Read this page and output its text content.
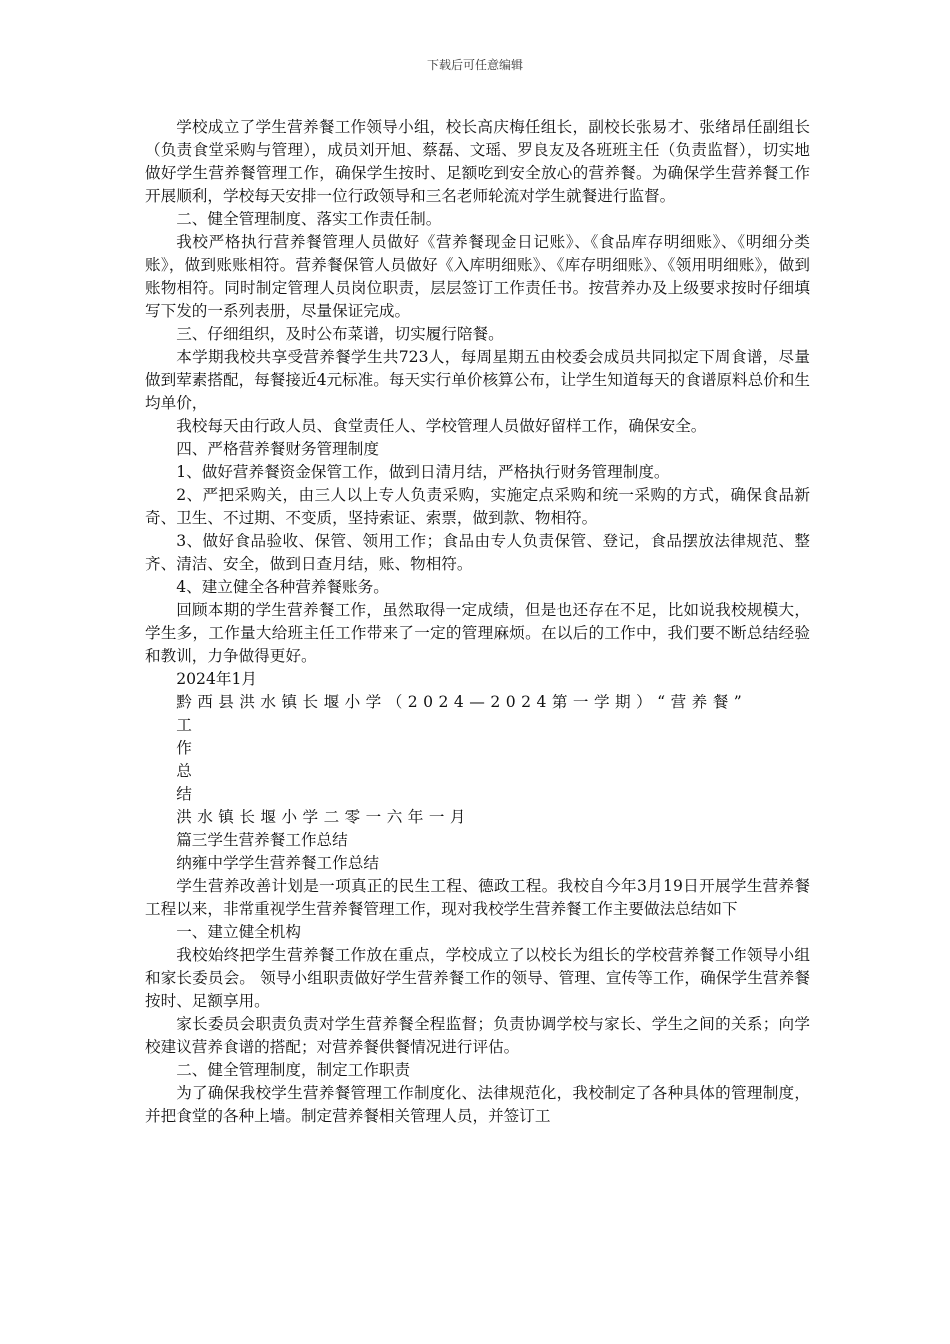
下载后可任意编辑

学校成立了学生营养餐工作领导小组，校长高庆梅任组长，副校长张易才、张绪昂任副组长（负责食堂采购与管理），成员刘开旭、蔡磊、文瑶、罗良友及各班班主任（负责监督），切实地做好学生营养餐管理工作，确保学生按时、足额吃到安全放心的营养餐。为确保学生营养餐工作开展顺利，学校每天安排一位行政领导和三名老师轮流对学生就餐进行监督。

二、健全管理制度、落实工作责任制。

我校严格执行营养餐管理人员做好《营养餐现金日记账》、《食品库存明细账》、《明细分类账》，做到账账相符。营养餐保管人员做好《入库明细账》、《库存明细账》、《领用明细账》，做到账物相符。同时制定管理人员岗位职责，层层签订工作责任书。按营养办及上级要求按时仔细填写下发的一系列表册，尽量保证完成。

三、仔细组织，及时公布菜谱，切实履行陪餐。

本学期我校共享受营养餐学生共723人，每周星期五由校委会成员共同拟定下周食谱，尽量做到荤素搭配，每餐接近4元标准。每天实行单价核算公布，让学生知道每天的食谱原料总价和生均单价，

我校每天由行政人员、食堂责任人、学校管理人员做好留样工作，确保安全。

四、严格营养餐财务管理制度

1、做好营养餐资金保管工作，做到日清月结，严格执行财务管理制度。

2、严把采购关，由三人以上专人负责采购，实施定点采购和统一采购的方式，确保食品新奇、卫生、不过期、不变质，坚持索证、索票，做到款、物相符。

3、做好食品验收、保管、领用工作；食品由专人负责保管、登记，食品摆放法律规范、整齐、清洁、安全，做到日查月结，账、物相符。

4、建立健全各种营养餐账务。

回顾本期的学生营养餐工作，虽然取得一定成绩，但是也还存在不足，比如说我校规模大，学生多，工作量大给班主任工作带来了一定的管理麻烦。在以后的工作中，我们要不断总结经验和教训，力争做得更好。

2024年1月

黔西县洪水镇长堰小学（2024—2024第一学期）“营养餐”

工

作

总

结

洪水镇长堰小学二零一六年一月

篇三学生营养餐工作总结

纳雍中学学生营养餐工作总结

学生营养改善计划是一项真正的民生工程、德政工程。我校自今年3月19日开展学生营养餐工程以来，非常重视学生营养餐管理工作，现对我校学生营养餐工作主要做法总结如下

一、建立健全机构

我校始终把学生营养餐工作放在重点，学校成立了以校长为组长的学校营养餐工作领导小组和家长委员会。 领导小组职责做好学生营养餐工作的领导、管理、宣传等工作，确保学生营养餐按时、足额享用。

家长委员会职责负责对学生营养餐全程监督；负责协调学校与家长、学生之间的关系；向学校建议营养食谱的搭配；对营养餐供餐情况进行评估。

二、健全管理制度，制定工作职责

为了确保我校学生营养餐管理工作制度化、法律规范化，我校制定了各种具体的管理制度，并把食堂的各种上墙。制定营养餐相关管理人员，并签订工
